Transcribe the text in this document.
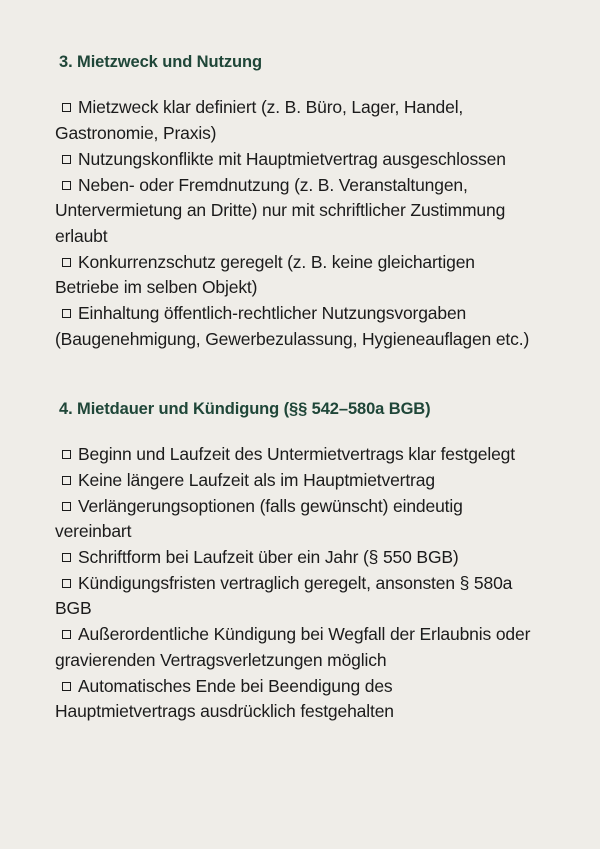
3. Mietzweck und Nutzung
Mietzweck klar definiert (z. B. Büro, Lager, Handel, Gastronomie, Praxis)
Nutzungskonflikte mit Hauptmietvertrag ausgeschlossen
Neben- oder Fremdnutzung (z. B. Veranstaltungen, Untervermietung an Dritte) nur mit schriftlicher Zustimmung erlaubt
Konkurrenzschutz geregelt (z. B. keine gleichartigen Betriebe im selben Objekt)
Einhaltung öffentlich-rechtlicher Nutzungsvorgaben (Baugenehmigung, Gewerbezulassung, Hygieneauflagen etc.)
4. Mietdauer und Kündigung (§§ 542–580a BGB)
Beginn und Laufzeit des Untermietvertrags klar festgelegt
Keine längere Laufzeit als im Hauptmietvertrag
Verlängerungsoptionen (falls gewünscht) eindeutig vereinbart
Schriftform bei Laufzeit über ein Jahr (§ 550 BGB)
Kündigungsfristen vertraglich geregelt, ansonsten § 580a BGB
Außerordentliche Kündigung bei Wegfall der Erlaubnis oder gravierenden Vertragsverletzungen möglich
Automatisches Ende bei Beendigung des Hauptmietvertrags ausdrücklich festgehalten
